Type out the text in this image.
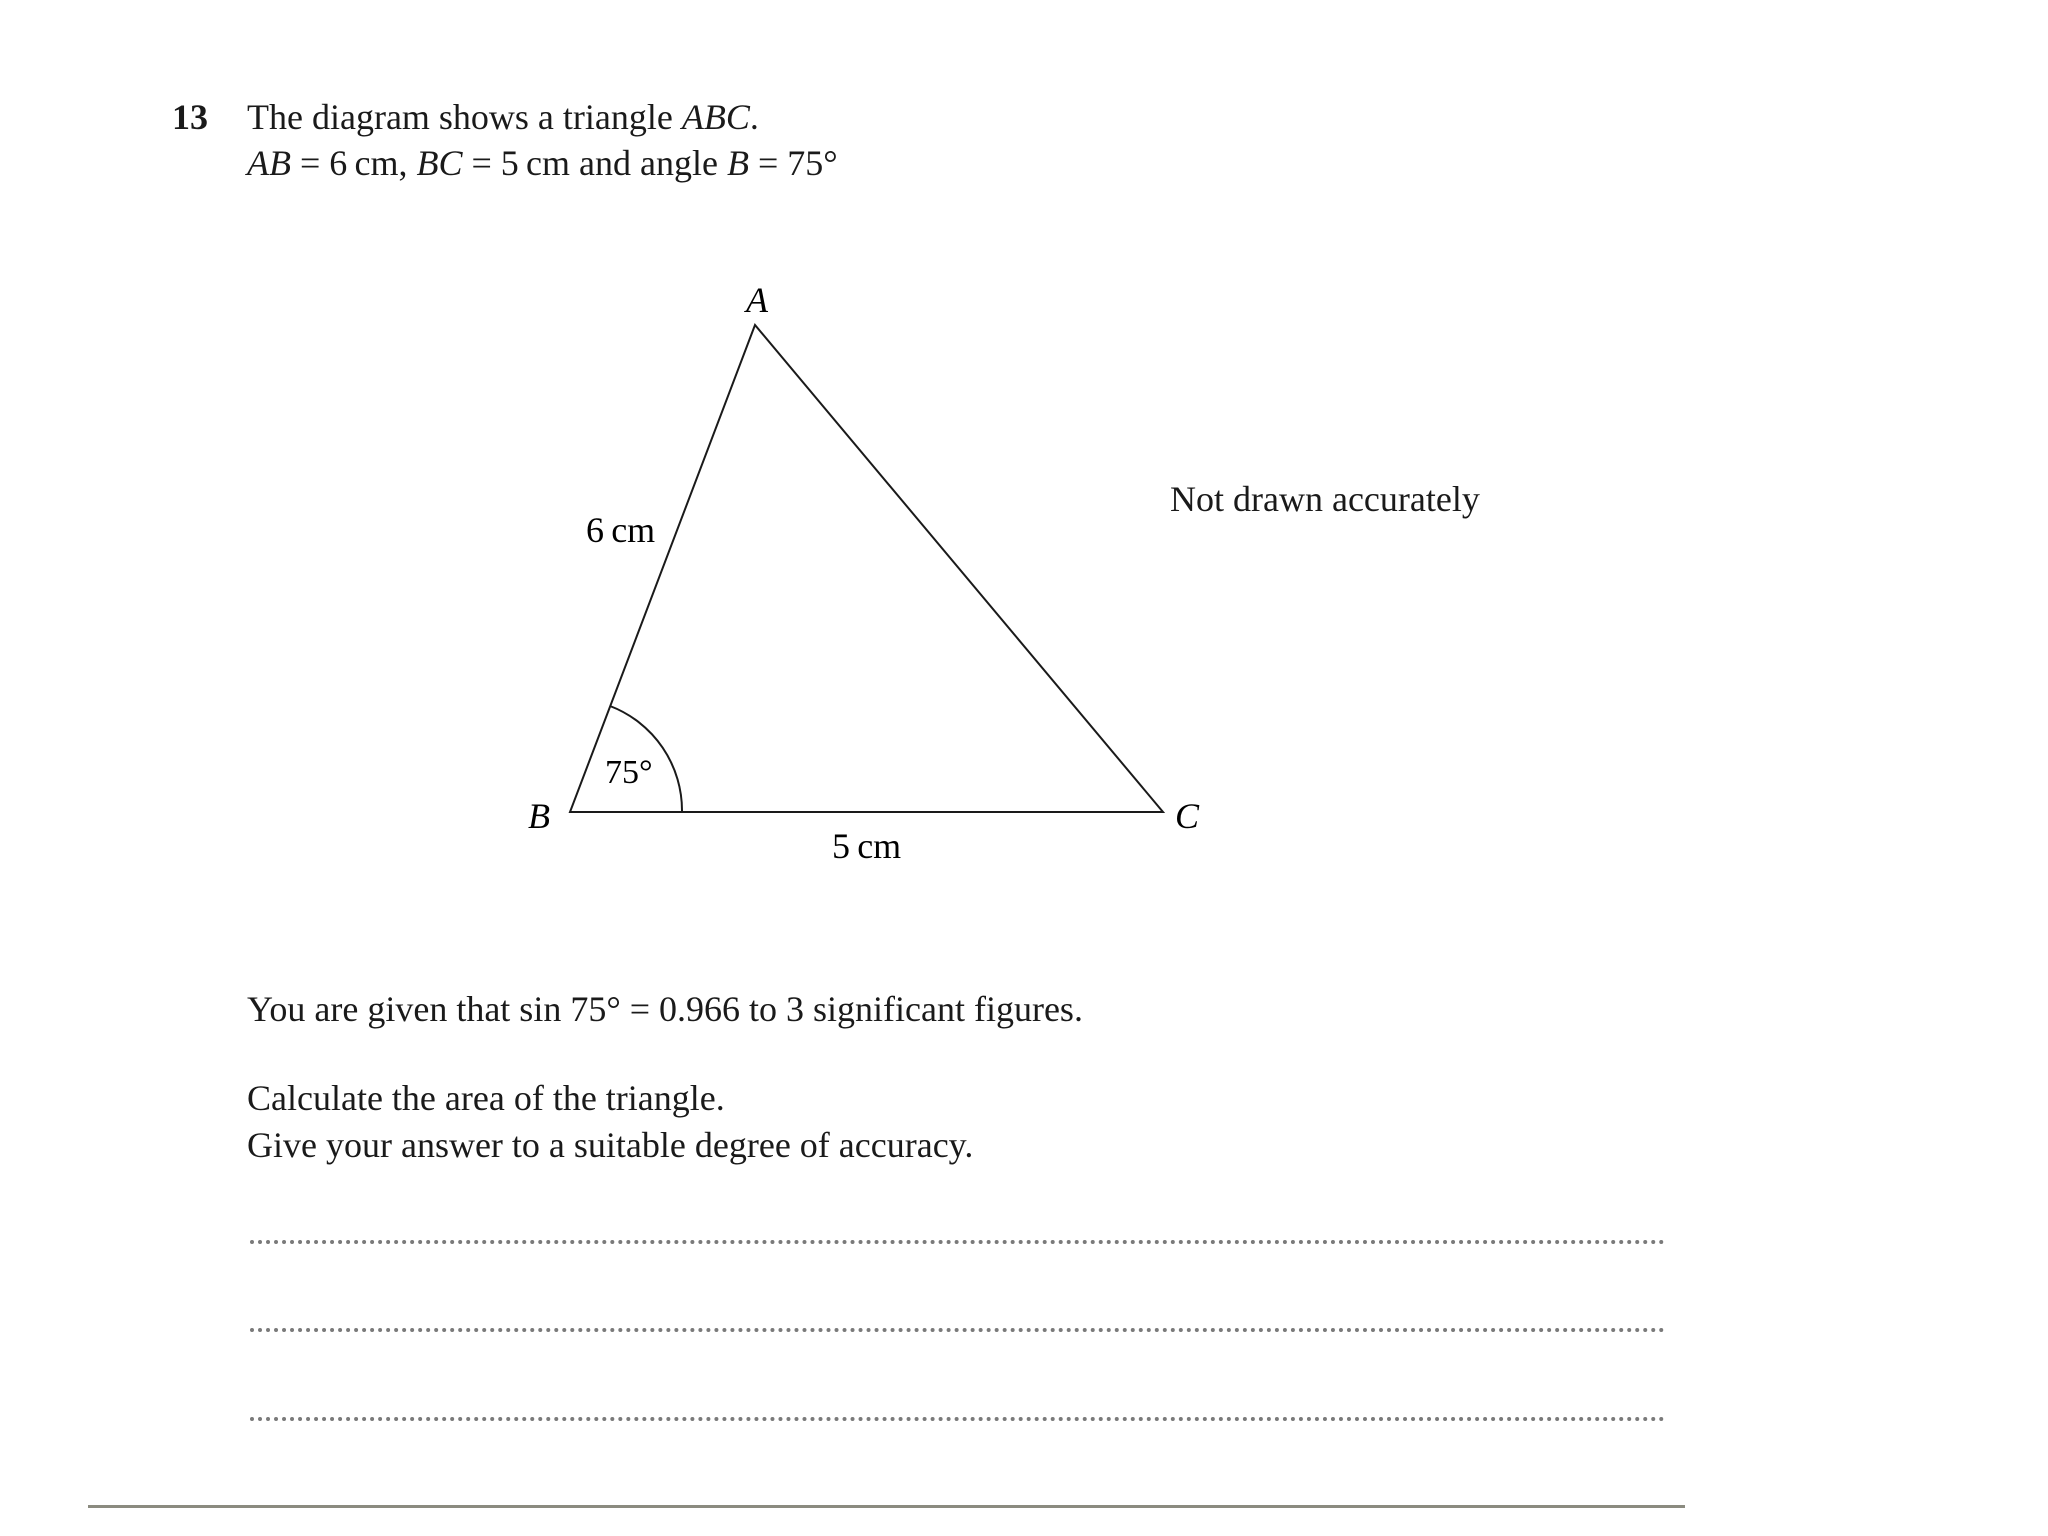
13 The diagram shows a triangle ABC.
AB = 6 cm, BC = 5 cm and angle B = 75°
A
B	C
6 cm
5 cm
75°
Not drawn accurately
You are given that sin 75° = 0.966 to 3 significant figures.
Calculate the area of the triangle.
Give your answer to a suitable degree of accuracy.
